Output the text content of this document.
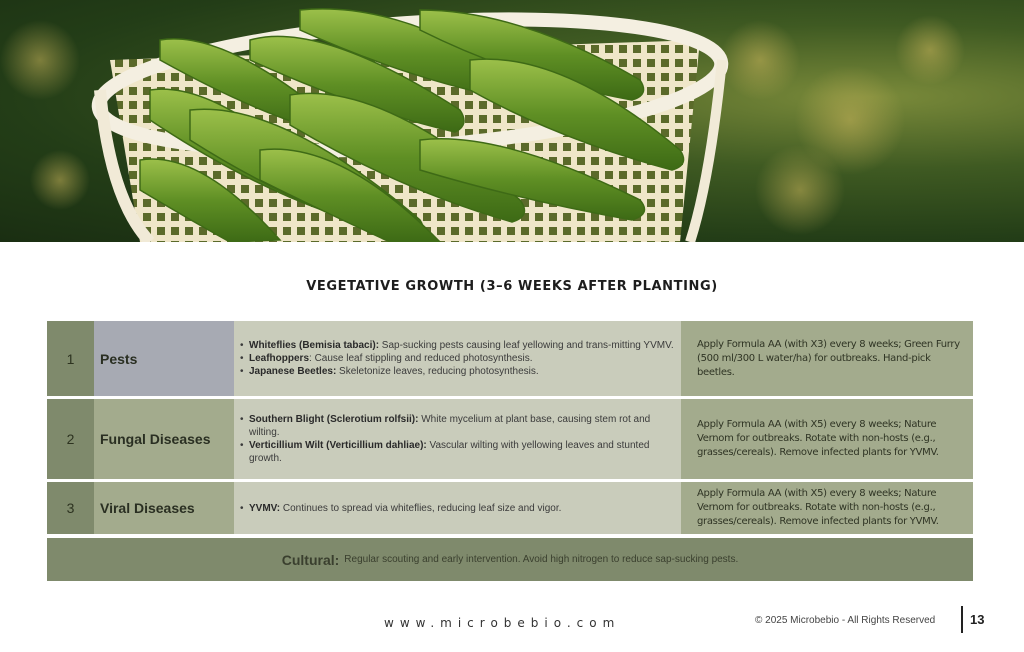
VEGETATIVE GROWTH (3–6 WEEKS AFTER PLANTING)
1	Pests
• Whiteflies (Bemisia tabaci): Sap-sucking pests causing leaf yellowing and trans-mitting YVMV.
• Leafhoppers: Cause leaf stippling and reduced photosynthesis.
• Japanese Beetles: Skeletonize leaves, reducing photosynthesis.
Apply Formula AA (with X3) every 8 weeks; Green Furry (500 ml/300 L water/ha) for outbreaks. Hand-pick beetles.
2	Fungal Diseases
• Southern Blight (Sclerotium rolfsii): White mycelium at plant base, causing stem rot and wilting.
• Verticillium Wilt (Verticillium dahliae): Vascular wilting with yellowing leaves and stunted growth.
Apply Formula AA (with X5) every 8 weeks; Nature Vernom for outbreaks. Rotate with non-hosts (e.g., grasses/cereals). Remove infected plants for YVMV.
3	Viral Diseases
•	YVMV: Continues to spread via whiteflies, reducing leaf size and vigor.
Apply Formula AA (with X5) every 8 weeks; Nature Vernom for outbreaks. Rotate with non-hosts (e.g., grasses/cereals). Remove infected plants for YVMV.
Cultural: Regular scouting and early intervention. Avoid high nitrogen to reduce sap-sucking pests.
www.microbebio.com	© 2025 Microbebio - All Rights Reserved	13
